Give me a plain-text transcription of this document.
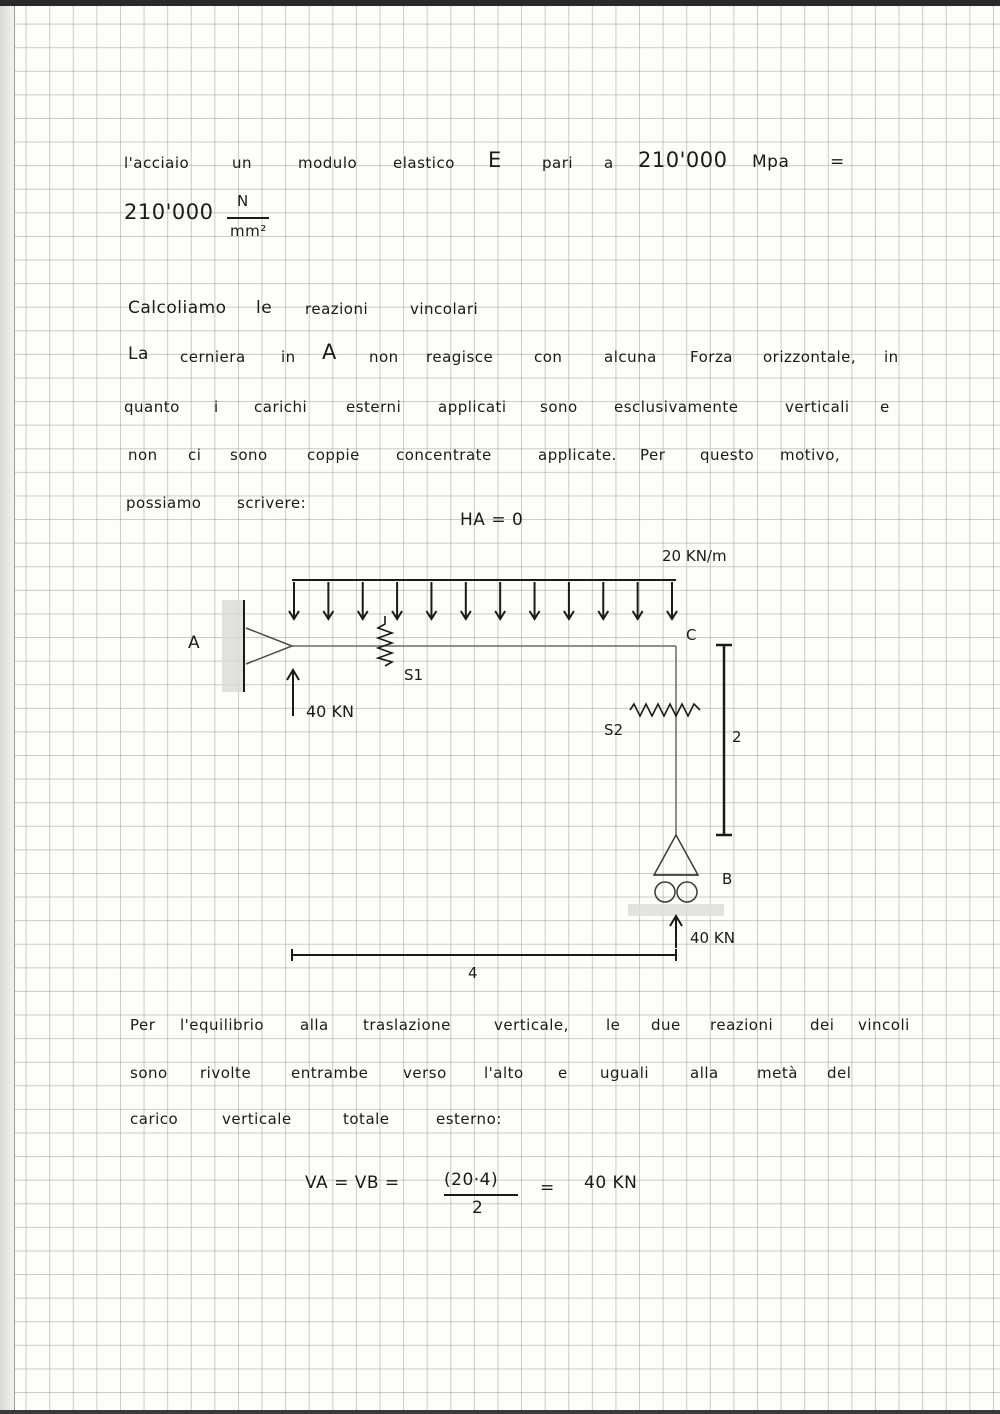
l'acciaio	un	modulo elastico E	pari a 210'000 Mpa =
210'000 N
mm²
Calcoliamo le reazioni	vincolari
La cerniera in A non reagisce	con	alcuna Forza orizzontale, in
quanto i carichi	esterni applicati sono esclusivamente	verticali e
non ci sono	coppie concentrate	applicate. Per questo motivo,
possiamo scrivere:
HA = 0
20 KN/m
A
40 KN
S1
S2
C
2
B
40 KN
4
Per l'equilibrio alla traslazione	verticale, le due reazioni dei vincoli
sono rivolte	entrambe verso l'alto e uguali	alla	metà del
carico	verticale	totale	esterno:
VA = VB =	(20·4)
2
= 40 KN
